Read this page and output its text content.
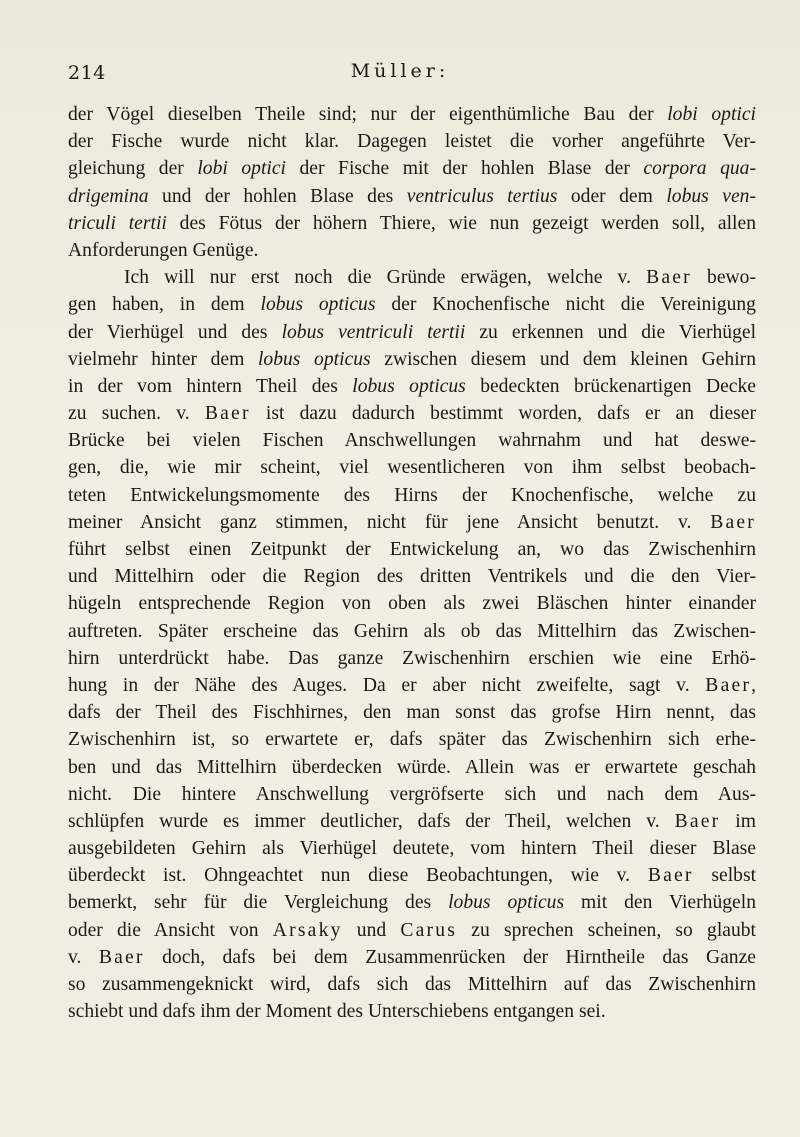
214	Müller:
der Vögel dieselben Theile sind; nur der eigenthümliche Bau der lobi optici
der Fische wurde nicht klar. Dagegen leistet die vorher angeführte Ver-
gleichung der lobi optici der Fische mit der hohlen Blase der corpora qua-
drigemina und der hohlen Blase des ventriculus tertius oder dem lobus ven-
triculi tertii des Fötus der höhern Thiere, wie nun gezeigt werden soll, allen
Anforderungen Genüge.
Ich will nur erst noch die Gründe erwägen, welche v. Baer bewo-
gen haben, in dem lobus opticus der Knochenfische nicht die Vereinigung
der Vierhügel und des lobus ventriculi tertii zu erkennen und die Vierhügel
vielmehr hinter dem lobus opticus zwischen diesem und dem kleinen Gehirn
in der vom hintern Theil des lobus opticus bedeckten brückenartigen Decke
zu suchen. v. Baer ist dazu dadurch bestimmt worden, dafs er an dieser
Brücke bei vielen Fischen Anschwellungen wahrnahm und hat deswe-
gen, die, wie mir scheint, viel wesentlicheren von ihm selbst beobach-
teten Entwickelungsmomente des Hirns der Knochenfische, welche zu
meiner Ansicht ganz stimmen, nicht für jene Ansicht benutzt. v. Baer
führt selbst einen Zeitpunkt der Entwickelung an, wo das Zwischenhirn
und Mittelhirn oder die Region des dritten Ventrikels und die den Vier-
hügeln entsprechende Region von oben als zwei Bläschen hinter einander
auftreten. Später erscheine das Gehirn als ob das Mittelhirn das Zwischen-
hirn unterdrückt habe. Das ganze Zwischenhirn erschien wie eine Erhö-
hung in der Nähe des Auges. Da er aber nicht zweifelte, sagt v. Baer,
dafs der Theil des Fischhirnes, den man sonst das grofse Hirn nennt, das
Zwischenhirn ist, so erwartete er, dafs später das Zwischenhirn sich erhe-
ben und das Mittelhirn überdecken würde. Allein was er erwartete geschah
nicht. Die hintere Anschwellung vergröfserte sich und nach dem Aus-
schlüpfen wurde es immer deutlicher, dafs der Theil, welchen v. Baer im
ausgebildeten Gehirn als Vierhügel deutete, vom hintern Theil dieser Blase
überdeckt ist. Ohngeachtet nun diese Beobachtungen, wie v. Baer selbst
bemerkt, sehr für die Vergleichung des lobus opticus mit den Vierhügeln
oder die Ansicht von Arsaky und Carus zu sprechen scheinen, so glaubt
v. Baer doch, dafs bei dem Zusammenrücken der Hirntheile das Ganze
so zusammengeknickt wird, dafs sich das Mittelhirn auf das Zwischenhirn
schiebt und dafs ihm der Moment des Unterschiebens entgangen sei.
